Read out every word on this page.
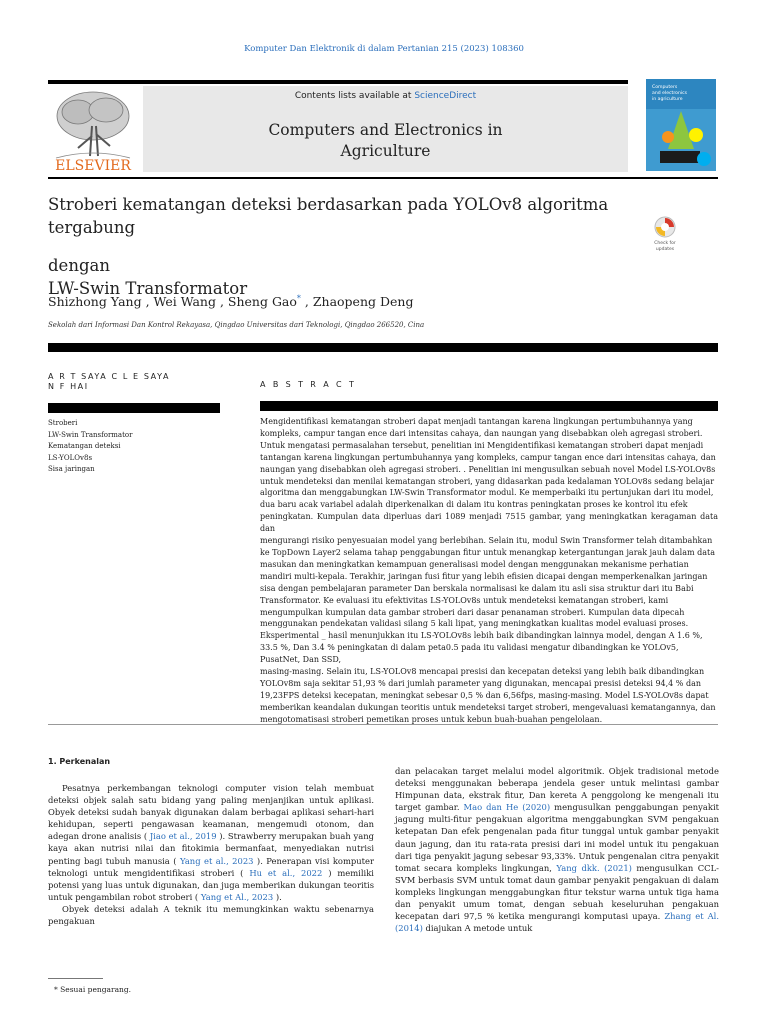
Komputer Dan Elektronik di dalam Pertanian 215 (2023) 108360
ELSEVIER
Contents lists available at ScienceDirect
Computers and Electronics in
Agriculture
Computers
and electronics
in agriculture
Stroberi kematangan deteksi berdasarkan pada YOLOv8 algoritma tergabung
dengan
LW-Swin Transformator
Check for
updates
Shizhong Yang , Wei Wang , Sheng Gao* , Zhaopeng Deng
Sekolah dari Informasi Dan Kontrol Rekayasa, Qingdao Universitas dari Teknologi, Qingdao 266520, Cina
A R T SAYA C L E SAYA
N F HAI	A B S T R A C T
Stroberi
LW-Swin Transformator
Kematangan deteksi
LS-YOLOv8s
Sisa jaringan
Mengidentifikasi kematangan stroberi dapat menjadi tantangan karena lingkungan pertumbuhannya yang
kompleks, campur tangan ence dari intensitas cahaya, dan naungan yang disebabkan oleh agregasi stroberi.
Untuk mengatasi permasalahan tersebut, penelitian ini Mengidentifikasi kematangan stroberi dapat menjadi
tantangan karena lingkungan pertumbuhannya yang kompleks, campur tangan ence dari intensitas cahaya, dan
naungan yang disebabkan oleh agregasi stroberi. . Penelitian ini mengusulkan sebuah novel Model LS-YOLOv8s
untuk mendeteksi dan menilai kematangan stroberi, yang didasarkan pada kedalaman YOLOv8s sedang belajar
algoritma dan menggabungkan LW-Swin Transformator modul. Ke memperbaiki itu pertunjukan dari itu model,
dua baru acak variabel adalah diperkenalkan di dalam itu kontras peningkatan proses ke kontrol itu efek
peningkatan. Kumpulan data diperluas dari 1089 menjadi 7515 gambar, yang meningkatkan keragaman data dan
mengurangi risiko penyesuaian model yang berlebihan. Selain itu, modul Swin Transformer telah ditambahkan
ke TopDown Layer2 selama tahap penggabungan fitur untuk menangkap ketergantungan jarak jauh dalam data
masukan dan meningkatkan kemampuan generalisasi model dengan menggunakan mekanisme perhatian
mandiri multi-kepala. Terakhir, jaringan fusi fitur yang lebih efisien dicapai dengan memperkenalkan jaringan
sisa dengan pembelajaran parameter Dan berskala normalisasi ke dalam itu asli sisa struktur dari itu Babi
Transformator. Ke evaluasi itu efektivitas LS-YOLOv8s untuk mendeteksi kematangan stroberi, kami
mengumpulkan kumpulan data gambar stroberi dari dasar penanaman stroberi. Kumpulan data dipecah
menggunakan pendekatan validasi silang 5 kali lipat, yang meningkatkan kualitas model evaluasi proses.
Eksperimental _ hasil menunjukkan itu LS-YOLOv8s lebih baik dibandingkan lainnya model, dengan A 1.6 %,
33.5 %, Dan 3.4 % peningkatan di dalam peta0.5 pada itu validasi mengatur dibandingkan ke YOLOv5,
PusatNet, Dan SSD,
masing-masing. Selain itu, LS-YOLOv8 mencapai presisi dan kecepatan deteksi yang lebih baik dibandingkan
YOLOv8m saja sekitar 51,93 % dari jumlah parameter yang digunakan, mencapai presisi deteksi 94,4 % dan
19,23FPS deteksi kecepatan, meningkat sebesar 0,5 % dan 6,56fps, masing-masing. Model LS-YOLOv8s dapat
memberikan keandalan dukungan teoritis untuk mendeteksi target stroberi, mengevaluasi kematangannya, dan
mengotomatisasi stroberi pemetikan proses untuk kebun buah-buahan pengelolaan.
1. Perkenalan

Pesatnya perkembangan teknologi computer vision telah membuat deteksi objek salah satu bidang yang paling menjanjikan untuk aplikasi. Obyek deteksi sudah banyak digunakan dalam berbagai aplikasi sehari-hari kehidupan, seperti pengawasan keamanan, mengemudi otonom, dan adegan drone analisis ( Jiao et al., 2019 ). Strawberry merupakan buah yang kaya akan nutrisi nilai dan fitokimia bermanfaat, menyediakan nutrisi penting bagi tubuh manusia ( Yang et al., 2023 ). Penerapan visi komputer teknologi untuk mengidentifikasi stroberi ( Hu et al., 2022 ) memiliki potensi yang luas untuk digunakan, dan juga memberikan dukungan teoritis untuk pengambilan robot stroberi ( Yang et Al., 2023 ).

Obyek deteksi adalah A teknik itu memungkinkan waktu sebenarnya pengakuan

dan pelacakan target melalui model algoritmik. Objek tradisional metode deteksi menggunakan beberapa jendela geser untuk melintasi gambar Himpunan data, ekstrak fitur, Dan kereta A penggolong ke mengenali itu target gambar. Mao dan He (2020) mengusulkan penggabungan penyakit jagung multi-fitur pengakuan algoritma menggabungkan SVM pengakuan ketepatan Dan efek pengenalan pada fitur tunggal untuk gambar penyakit daun jagung, dan itu rata-rata presisi dari ini model untuk itu pengakuan dari tiga penyakit jagung sebesar 93,33%. Untuk pengenalan citra penyakit tomat secara kompleks lingkungan, Yang dkk. (2021) mengusulkan CCL-SVM berbasis SVM untuk tomat daun gambar penyakit pengakuan di dalam kompleks lingkungan menggabungkan fitur tekstur warna untuk tiga hama dan penyakit umum tomat, dengan sebuah keseluruhan pengakuan kecepatan dari 97,5 % ketika mengurangi komputasi upaya. Zhang et Al. (2014) diajukan A metode untuk

* Sesuai pengarang.
